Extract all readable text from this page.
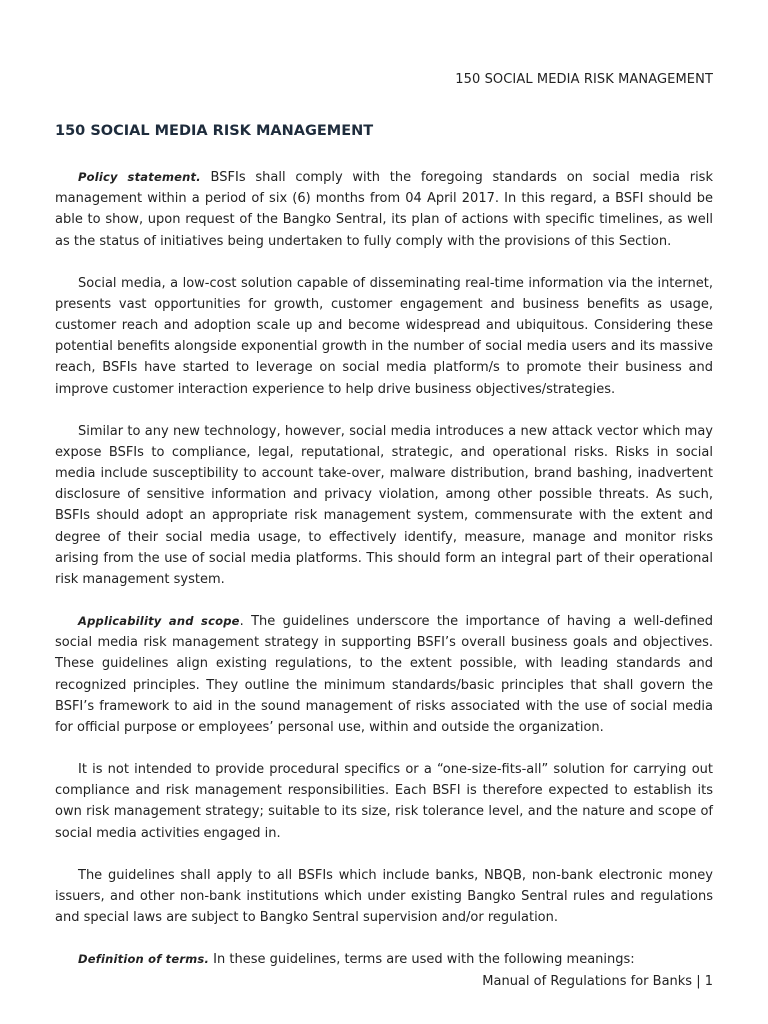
150 SOCIAL MEDIA RISK MANAGEMENT
150 SOCIAL MEDIA RISK MANAGEMENT

Policy statement. BSFIs shall comply with the foregoing standards on social media risk management within a period of six (6) months from 04 April 2017. In this regard, a BSFI should be able to show, upon request of the Bangko Sentral, its plan of actions with specific timelines, as well as the status of initiatives being undertaken to fully comply with the provisions of this Section.

Social media, a low-cost solution capable of disseminating real-time information via the internet, presents vast opportunities for growth, customer engagement and business benefits as usage, customer reach and adoption scale up and become widespread and ubiquitous. Considering these potential benefits alongside exponential growth in the number of social media users and its massive reach, BSFIs have started to leverage on social media platform/s to promote their business and improve customer interaction experience to help drive business objectives/strategies.

Similar to any new technology, however, social media introduces a new attack vector which may expose BSFIs to compliance, legal, reputational, strategic, and operational risks. Risks in social media include susceptibility to account take-over, malware distribution, brand bashing, inadvertent disclosure of sensitive information and privacy violation, among other possible threats. As such, BSFIs should adopt an appropriate risk management system, commensurate with the extent and degree of their social media usage, to effectively identify, measure, manage and monitor risks arising from the use of social media platforms. This should form an integral part of their operational risk management system.

Applicability and scope. The guidelines underscore the importance of having a well-defined social media risk management strategy in supporting BSFI’s overall business goals and objectives. These guidelines align existing regulations, to the extent possible, with leading standards and recognized principles. They outline the minimum standards/basic principles that shall govern the BSFI’s framework to aid in the sound management of risks associated with the use of social media for official purpose or employees’ personal use, within and outside the organization.

It is not intended to provide procedural specifics or a “one-size-fits-all” solution for carrying out compliance and risk management responsibilities. Each BSFI is therefore expected to establish its own risk management strategy; suitable to its size, risk tolerance level, and the nature and scope of social media activities engaged in.

The guidelines shall apply to all BSFIs which include banks, NBQB, non-bank electronic money issuers, and other non-bank institutions which under existing Bangko Sentral rules and regulations and special laws are subject to Bangko Sentral supervision and/or regulation.

Definition of terms. In these guidelines, terms are used with the following meanings:

Manual of Regulations for Banks | 1
